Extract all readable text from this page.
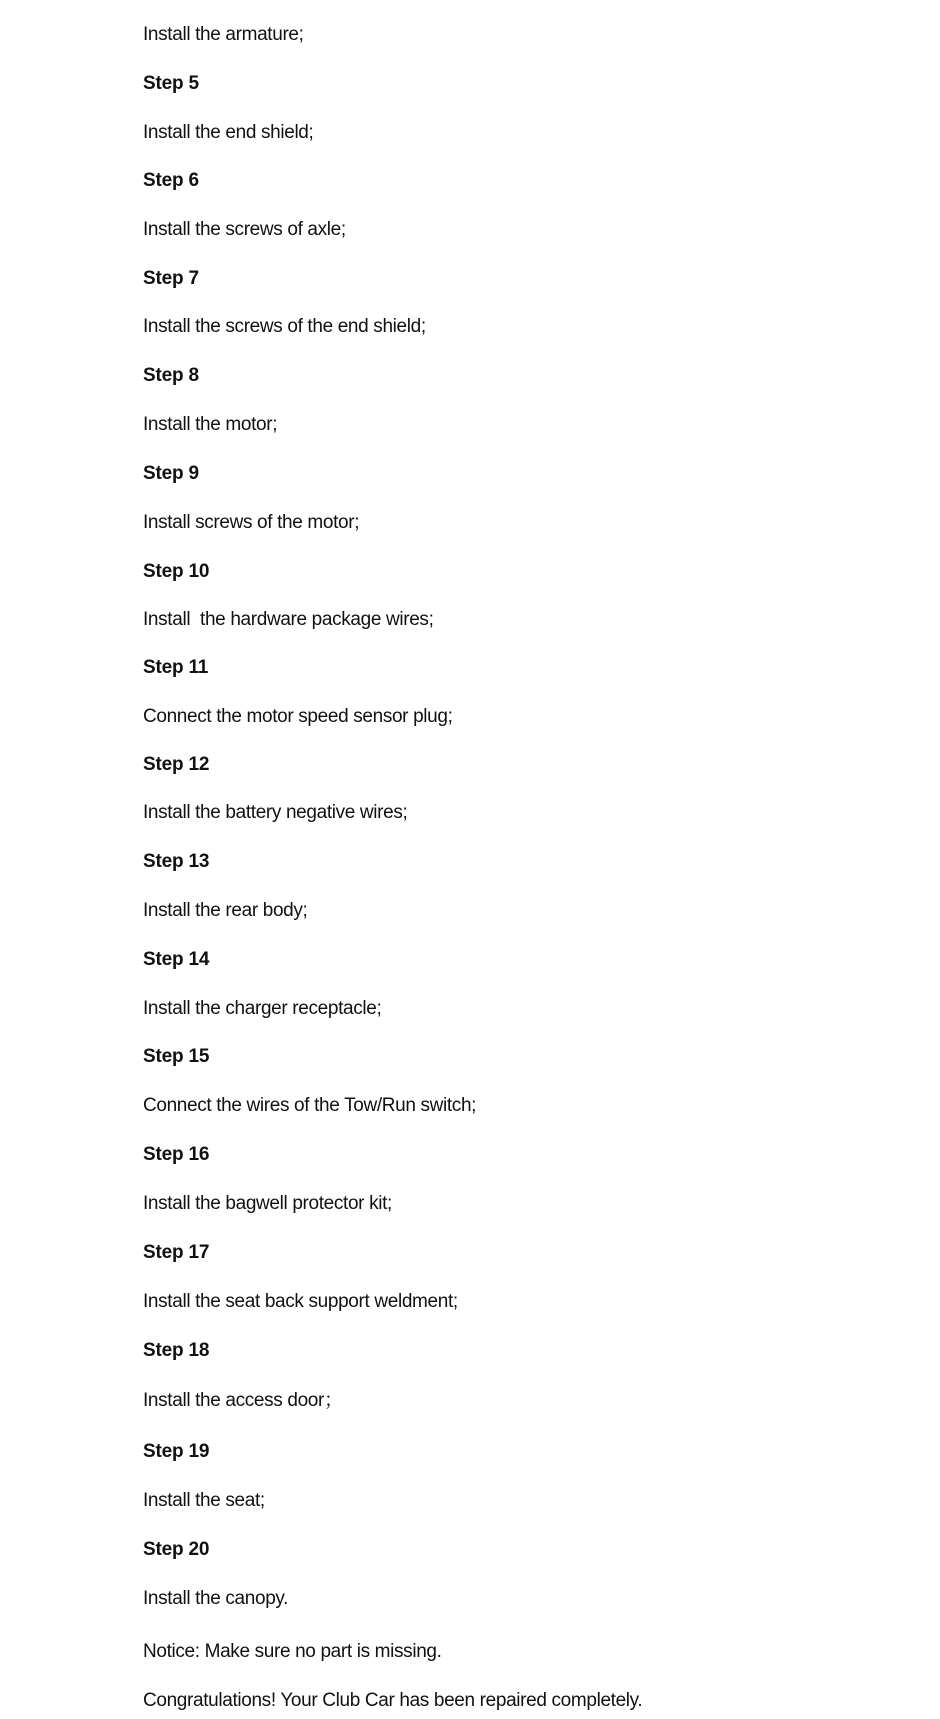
Install the armature;
Step 5
Install the end shield;
Step 6
Install the screws of axle;
Step 7
Install the screws of the end shield;
Step 8
Install the motor;
Step 9
Install screws of the motor;
Step 10
Install  the hardware package wires;
Step 11
Connect the motor speed sensor plug;
Step 12
Install the battery negative wires;
Step 13
Install the rear body;
Step 14
Install the charger receptacle;
Step 15
Connect the wires of the Tow/Run switch;
Step 16
Install the bagwell protector kit;
Step 17
Install the seat back support weldment;
Step 18
Install the access door；
Step 19
Install the seat;
Step 20
Install the canopy.
Notice: Make sure no part is missing.
Congratulations! Your Club Car has been repaired completely.
